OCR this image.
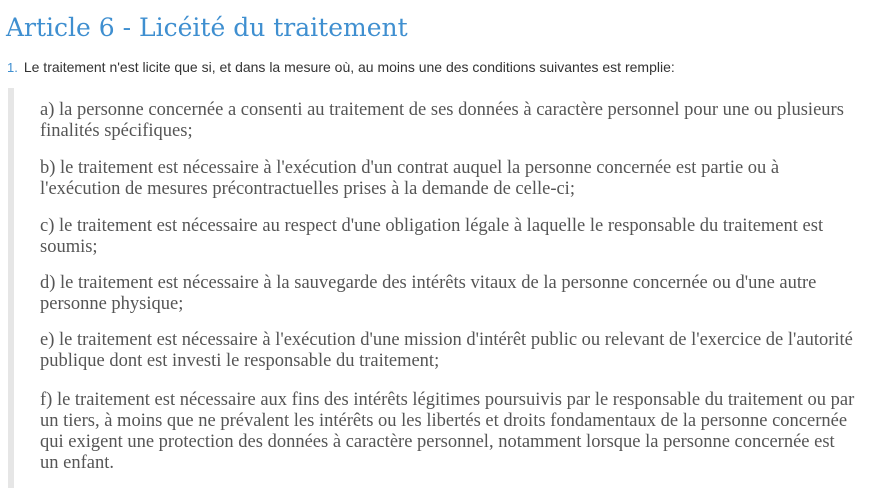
Article 6 - Licéité du traitement
1. Le traitement n'est licite que si, et dans la mesure où, au moins une des conditions suivantes est remplie:

a) la personne concernée a consenti au traitement de ses données à caractère personnel pour une ou plusieurs finalités spécifiques;

b) le traitement est nécessaire à l'exécution d'un contrat auquel la personne concernée est partie ou à l'exécution de mesures précontractuelles prises à la demande de celle-ci;

c) le traitement est nécessaire au respect d'une obligation légale à laquelle le responsable du traitement est soumis;

d) le traitement est nécessaire à la sauvegarde des intérêts vitaux de la personne concernée ou d'une autre personne physique;

e) le traitement est nécessaire à l'exécution d'une mission d'intérêt public ou relevant de l'exercice de l'autorité publique dont est investi le responsable du traitement;

f) le traitement est nécessaire aux fins des intérêts légitimes poursuivis par le responsable du traitement ou par un tiers, à moins que ne prévalent les intérêts ou les libertés et droits fondamentaux de la personne concernée qui exigent une protection des données à caractère personnel, notamment lorsque la personne concernée est un enfant.
